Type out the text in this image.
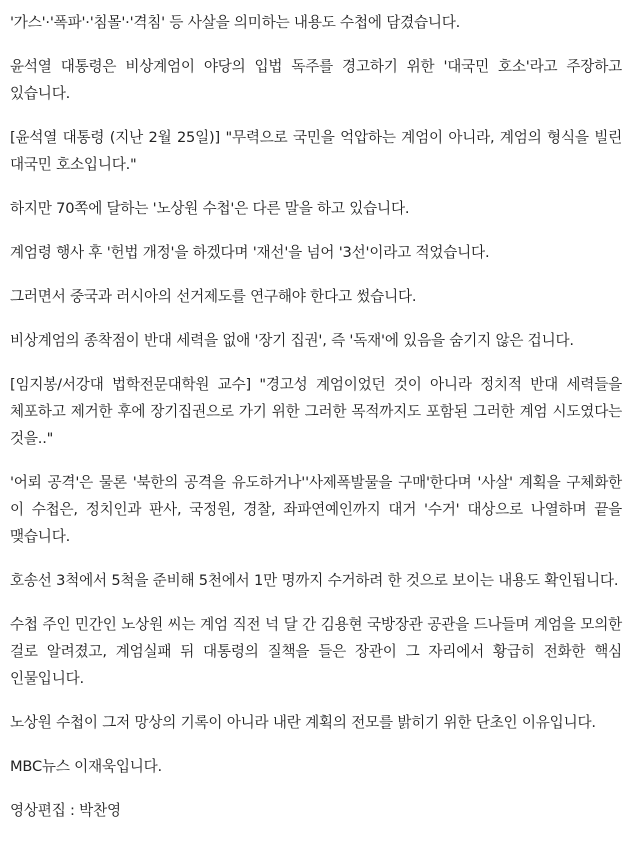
'가스'·'폭파'·'침몰'·'격침' 등 사살을 의미하는 내용도 수첩에 담겼습니다.

윤석열 대통령은 비상계엄이 야당의 입법 독주를 경고하기 위한 '대국민 호소'라고 주장하고 있습니다.

[윤석열 대통령 (지난 2월 25일)] "무력으로 국민을 억압하는 계엄이 아니라, 계엄의 형식을 빌린 대국민 호소입니다."

하지만 70쪽에 달하는 '노상원 수첩'은 다른 말을 하고 있습니다.

계엄령 행사 후 '헌법 개정'을 하겠다며 '재선'을 넘어 '3선'이라고 적었습니다.

그러면서 중국과 러시아의 선거제도를 연구해야 한다고 썼습니다.

비상계엄의 종착점이 반대 세력을 없애 '장기 집권', 즉 '독재'에 있음을 숨기지 않은 겁니다.

[임지봉/서강대 법학전문대학원 교수] "경고성 계엄이었던 것이 아니라 정치적 반대 세력들을 체포하고 제거한 후에 장기집권으로 가기 위한 그러한 목적까지도 포함된 그러한 계엄 시도였다는 것을.."

'어뢰 공격'은 물론 '북한의 공격을 유도하거나''사제폭발물을 구매'한다며 '사살' 계획을 구체화한 이 수첩은, 정치인과 판사, 국정원, 경찰, 좌파연예인까지 대거 '수거' 대상으로 나열하며 끝을 맺습니다.

호송선 3척에서 5척을 준비해 5천에서 1만 명까지 수거하려 한 것으로 보이는 내용도 확인됩니다.

수첩 주인 민간인 노상원 씨는 계엄 직전 넉 달 간 김용현 국방장관 공관을 드나들며 계엄을 모의한 걸로 알려졌고, 계엄실패 뒤 대통령의 질책을 들은 장관이 그 자리에서 황급히 전화한 핵심 인물입니다.

노상원 수첩이 그저 망상의 기록이 아니라 내란 계획의 전모를 밝히기 위한 단초인 이유입니다.

MBC뉴스 이재욱입니다.

영상편집 : 박찬영
